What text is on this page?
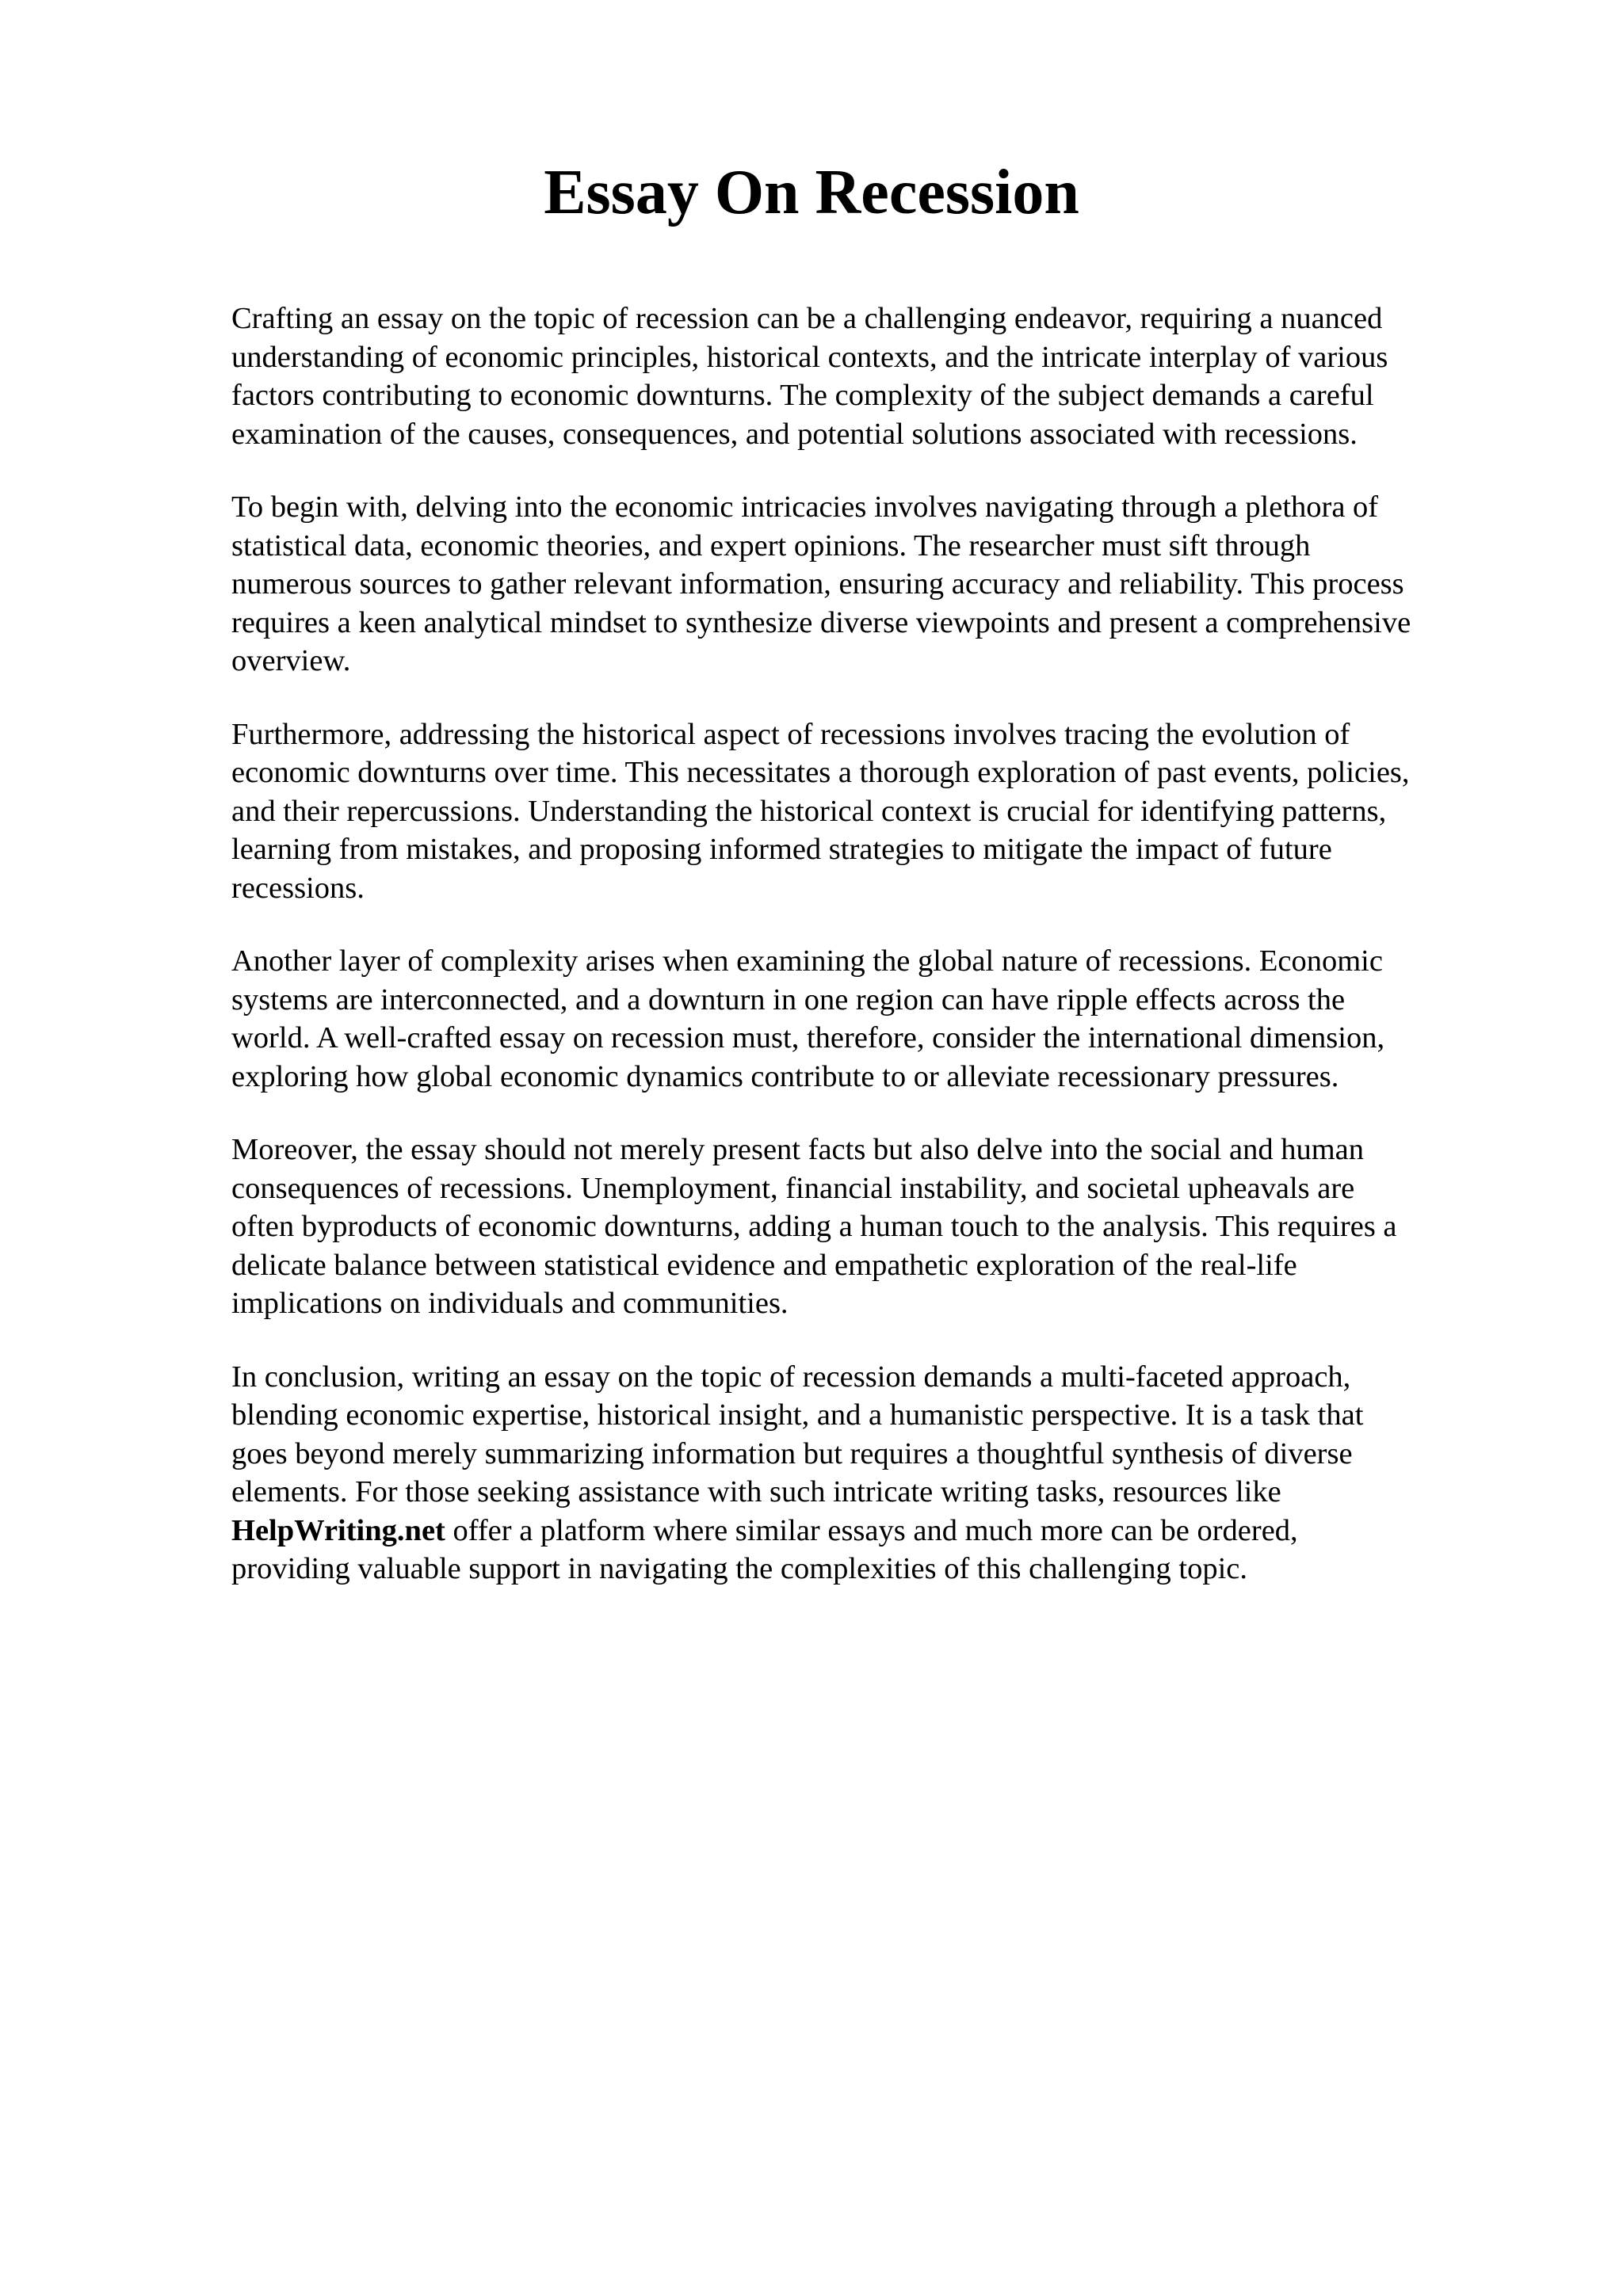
Essay On Recession

Crafting an essay on the topic of recession can be a challenging endeavor, requiring a nuanced
understanding of economic principles, historical contexts, and the intricate interplay of various
factors contributing to economic downturns. The complexity of the subject demands a careful
examination of the causes, consequences, and potential solutions associated with recessions.

To begin with, delving into the economic intricacies involves navigating through a plethora of
statistical data, economic theories, and expert opinions. The researcher must sift through
numerous sources to gather relevant information, ensuring accuracy and reliability. This process
requires a keen analytical mindset to synthesize diverse viewpoints and present a comprehensive
overview.

Furthermore, addressing the historical aspect of recessions involves tracing the evolution of
economic downturns over time. This necessitates a thorough exploration of past events, policies,
and their repercussions. Understanding the historical context is crucial for identifying patterns,
learning from mistakes, and proposing informed strategies to mitigate the impact of future
recessions.

Another layer of complexity arises when examining the global nature of recessions. Economic
systems are interconnected, and a downturn in one region can have ripple effects across the
world. A well-crafted essay on recession must, therefore, consider the international dimension,
exploring how global economic dynamics contribute to or alleviate recessionary pressures.

Moreover, the essay should not merely present facts but also delve into the social and human
consequences of recessions. Unemployment, financial instability, and societal upheavals are
often byproducts of economic downturns, adding a human touch to the analysis. This requires a
delicate balance between statistical evidence and empathetic exploration of the real-life
implications on individuals and communities.

In conclusion, writing an essay on the topic of recession demands a multi-faceted approach,
blending economic expertise, historical insight, and a humanistic perspective. It is a task that
goes beyond merely summarizing information but requires a thoughtful synthesis of diverse
elements. For those seeking assistance with such intricate writing tasks, resources like
HelpWriting.net offer a platform where similar essays and much more can be ordered,
providing valuable support in navigating the complexities of this challenging topic.
